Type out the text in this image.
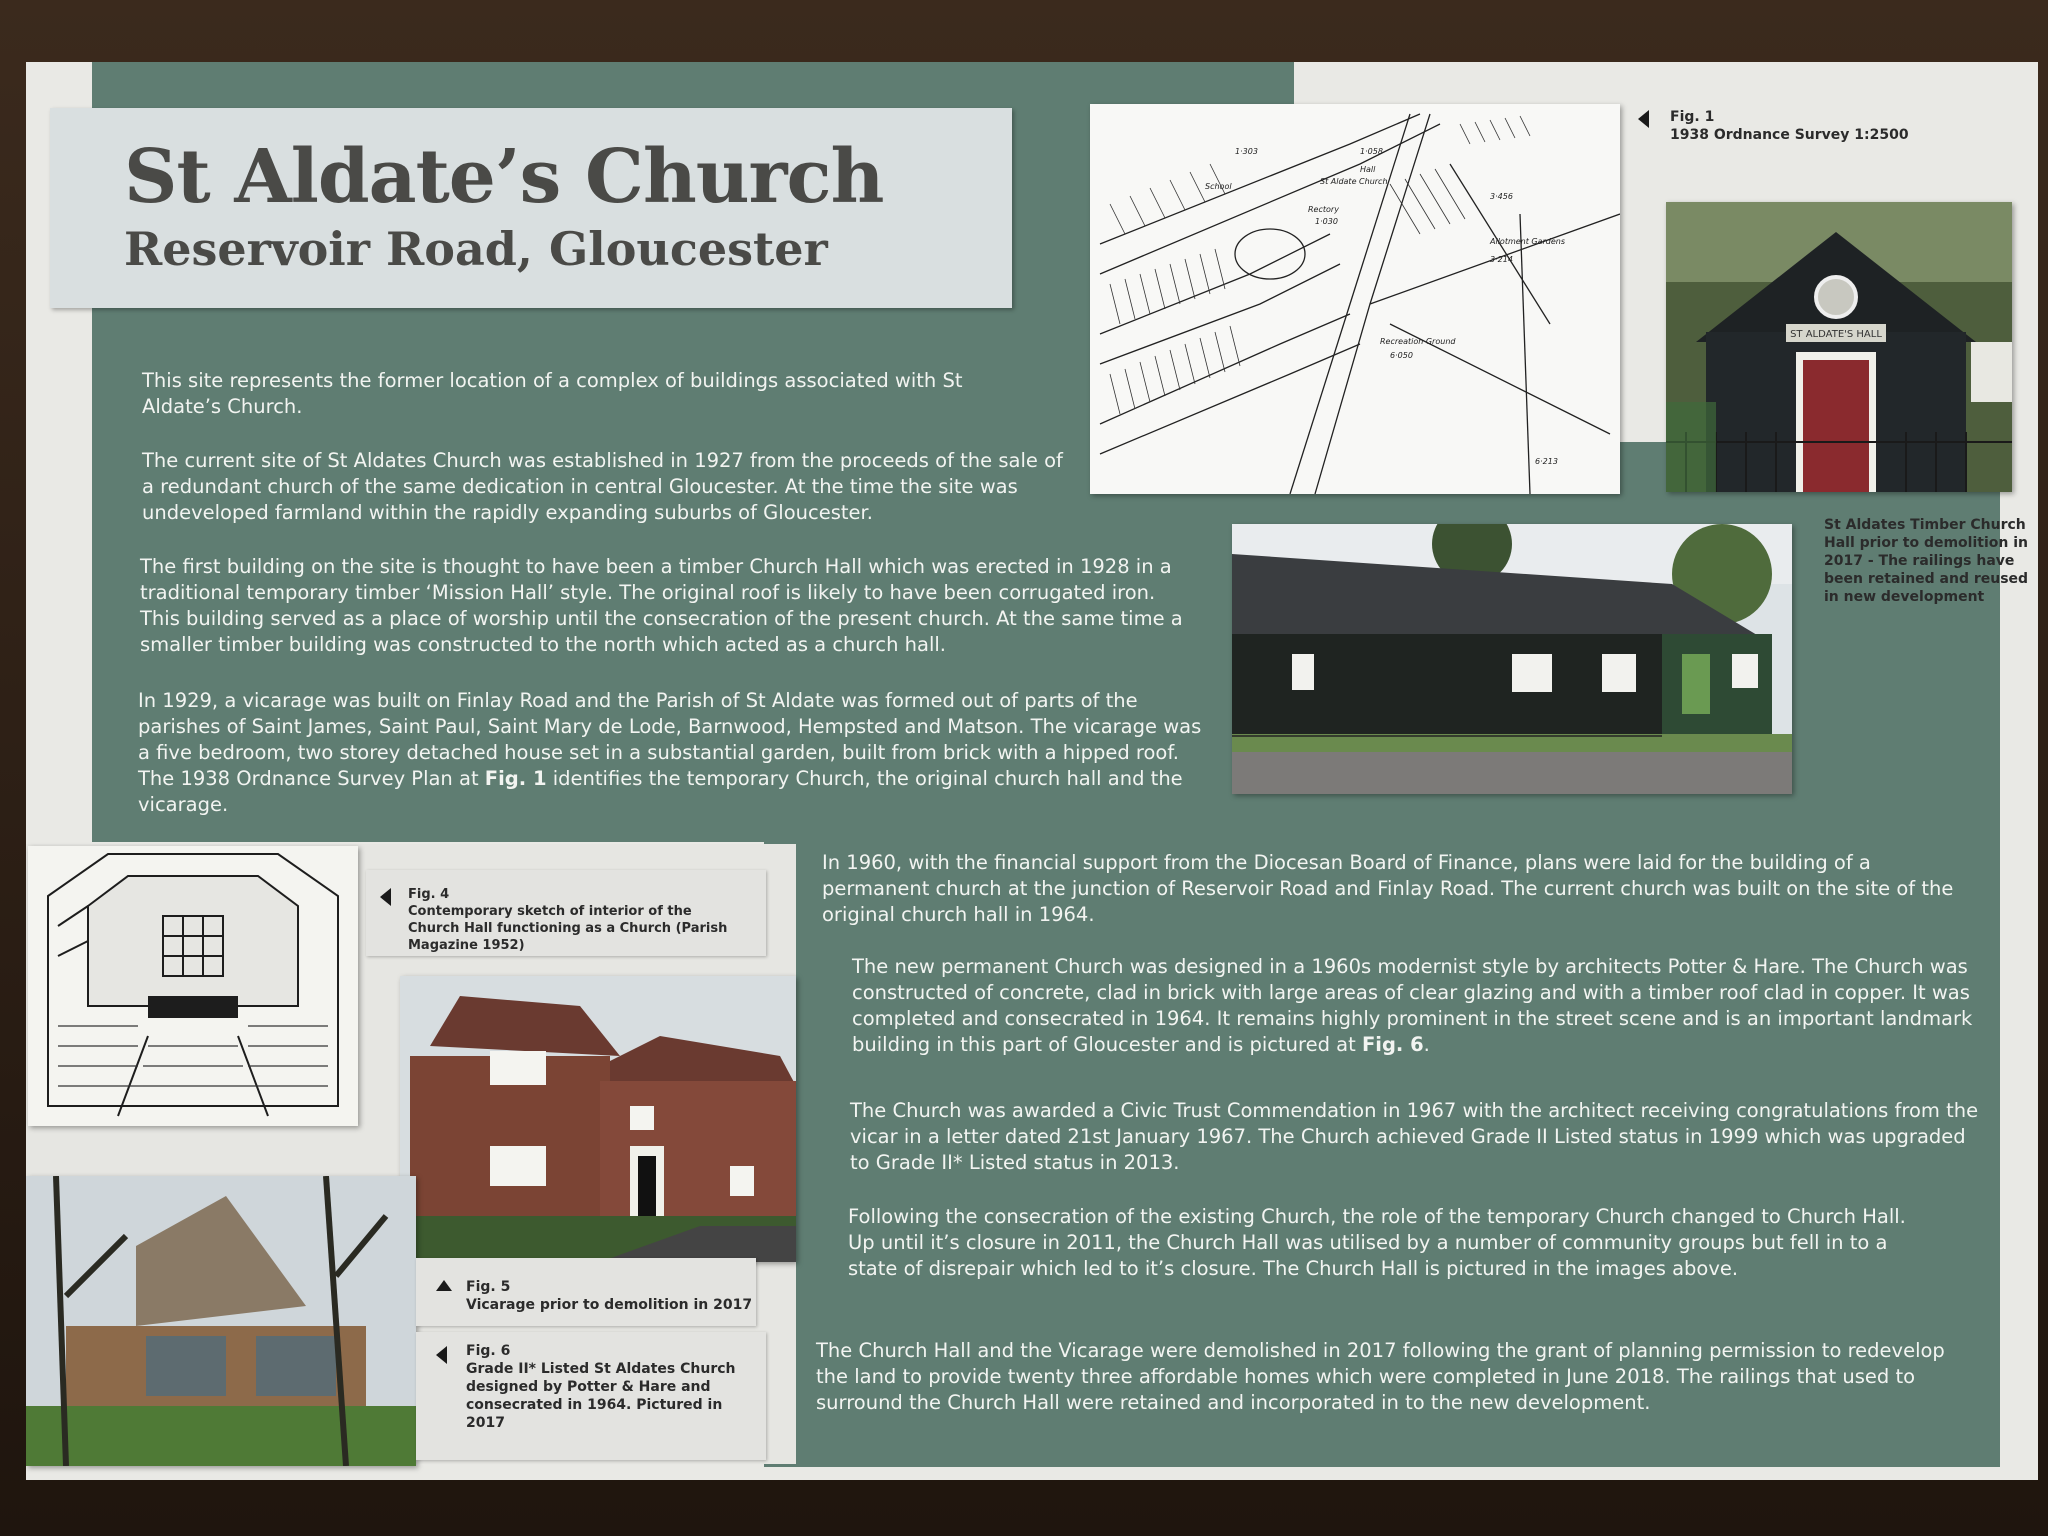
St Aldate’s Church
Reservoir Road, Gloucester
This site represents the former location of a complex of buildings associated with St Aldate’s Church.
The current site of St Aldates Church was established in 1927 from the proceeds of the sale of a redundant church of the same dedication in central Gloucester. At the time the site was undeveloped farmland within the rapidly expanding suburbs of Gloucester.
The first building on the site is thought to have been a timber Church Hall which was erected in 1928 in a traditional temporary timber ‘Mission Hall’ style. The original roof is likely to have been corrugated iron. This building served as a place of worship until the consecration of the present church. At the same time a smaller timber building was constructed to the north which acted as a church hall.
In 1929, a vicarage was built on Finlay Road and the Parish of St Aldate was formed out of parts of the parishes of Saint James, Saint Paul, Saint Mary de Lode, Barnwood, Hempsted and Matson. The vicarage was a five bedroom, two storey detached house set in a substantial garden, built from brick with a hipped roof. The 1938 Ordnance Survey Plan at Fig. 1 identifies the temporary Church, the original church hall and the vicarage.
School
St Aldate Church
Rectory
Hall
Recreation Ground
Allotment Gardens
1·303	1·058
1·030
3·456
3·214
6·050
6·213
Fig. 1
1938 Ordnance Survey 1:2500
ST ALDATE'S HALL
St Aldates Timber Church Hall prior to demolition in 2017 - The railings have been retained and reused in new development
In 1960, with the financial support from the Diocesan Board of Finance, plans were laid for the building of a permanent church at the junction of Reservoir Road and Finlay Road. The current church was built on the site of the original church hall in 1964.
The new permanent Church was designed in a 1960s modernist style by architects Potter & Hare. The Church was constructed of concrete, clad in brick with large areas of clear glazing and with a timber roof clad in copper. It was completed and consecrated in 1964. It remains highly prominent in the street scene and is an important landmark building in this part of Gloucester and is pictured at Fig. 6.
The Church was awarded a Civic Trust Commendation in 1967 with the architect receiving congratulations from the vicar in a letter dated 21st January 1967. The Church achieved Grade II Listed status in 1999 which was upgraded to Grade II* Listed status in 2013.
Following the consecration of the existing Church, the role of the temporary Church changed to Church Hall. Up until it’s closure in 2011, the Church Hall was utilised by a number of community groups but fell in to a state of disrepair which led to it’s closure. The Church Hall is pictured in the images above.
The Church Hall and the Vicarage were demolished in 2017 following the grant of planning permission to redevelop the land to provide twenty three affordable homes which were completed in June 2018. The railings that used to surround the Church Hall were retained and incorporated in to the new development.
Fig. 4
Contemporary sketch of interior of the Church Hall functioning as a Church (Parish Magazine 1952)
Fig. 5
Vicarage prior to demolition in 2017
Fig. 6
Grade II* Listed St Aldates Church designed by Potter & Hare and consecrated in 1964. Pictured in 2017
